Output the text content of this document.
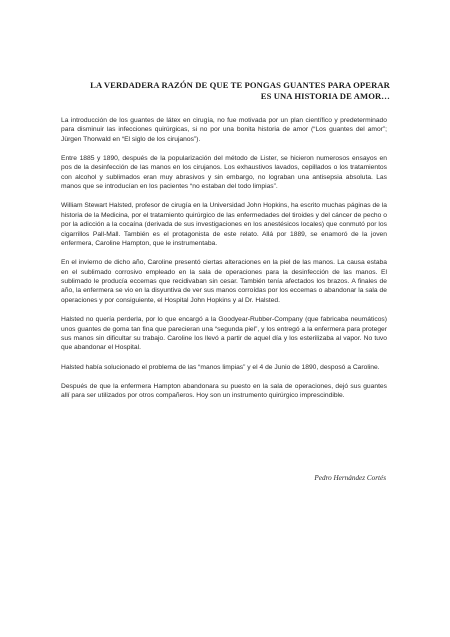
LA VERDADERA RAZÓN DE QUE TE PONGAS GUANTES PARA OPERAR
ES UNA HISTORIA DE AMOR…

La introducción de los guantes de látex en cirugía, no fue motivada por un plan científico y predeterminado para disminuir las infecciones quirúrgicas, si no por una bonita historia de amor (“Los guantes del amor”; Jürgen Thorwald en “El siglo de los cirujanos”).

Entre 1885 y 1890, después de la popularización del método de Lister, se hicieron numerosos ensayos en pos de la desinfección de las manos en los cirujanos. Los exhaustivos lavados, cepillados o los tratamientos con alcohol y sublimados eran muy abrasivos y sin embargo, no lograban una antisepsia absoluta. Las manos que se introducían en los pacientes “no estaban del todo limpias”.

William Stewart Halsted, profesor de cirugía en la Universidad John Hopkins, ha escrito muchas páginas de la historia de la Medicina, por el tratamiento quirúrgico de las enfermedades del tiroides y del cáncer de pecho o por la adicción a la cocaína (derivada de sus investigaciones en los anestésicos locales) que conmutó por los cigarrillos Pall-Mall. También es el protagonista de este relato. Allá por 1889, se enamoró de la joven enfermera, Caroline Hampton, que le instrumentaba.

En el invierno de dicho año, Caroline presentó ciertas alteraciones en la piel de las manos. La causa estaba en el sublimado corrosivo empleado en la sala de operaciones para la desinfección de las manos. El sublimado le producía eccemas que recidivaban sin cesar. También tenía afectados los brazos. A finales de año, la enfermera se vio en la disyuntiva de ver sus manos corroídas por los eccemas o abandonar la sala de operaciones y por consiguiente, el Hospital John Hopkins y al Dr. Halsted.

Halsted no quería perderla, por lo que encargó a la Goodyear-Rubber-Company (que fabricaba neumáticos) unos guantes de goma tan fina que parecieran una “segunda piel”, y los entregó a la enfermera para proteger sus manos sin dificultar su trabajo. Caroline los llevó a partir de aquel día y los esterilizaba al vapor. No tuvo que abandonar el Hospital.

Halsted había solucionado el problema de las “manos limpias” y el 4 de Junio de 1890, desposó a Caroline.

Después de que la enfermera Hampton abandonara su puesto en la sala de operaciones, dejó sus guantes allí para ser utilizados por otros compañeros. Hoy son un instrumento quirúrgico imprescindible.

Pedro Hernández Cortés
